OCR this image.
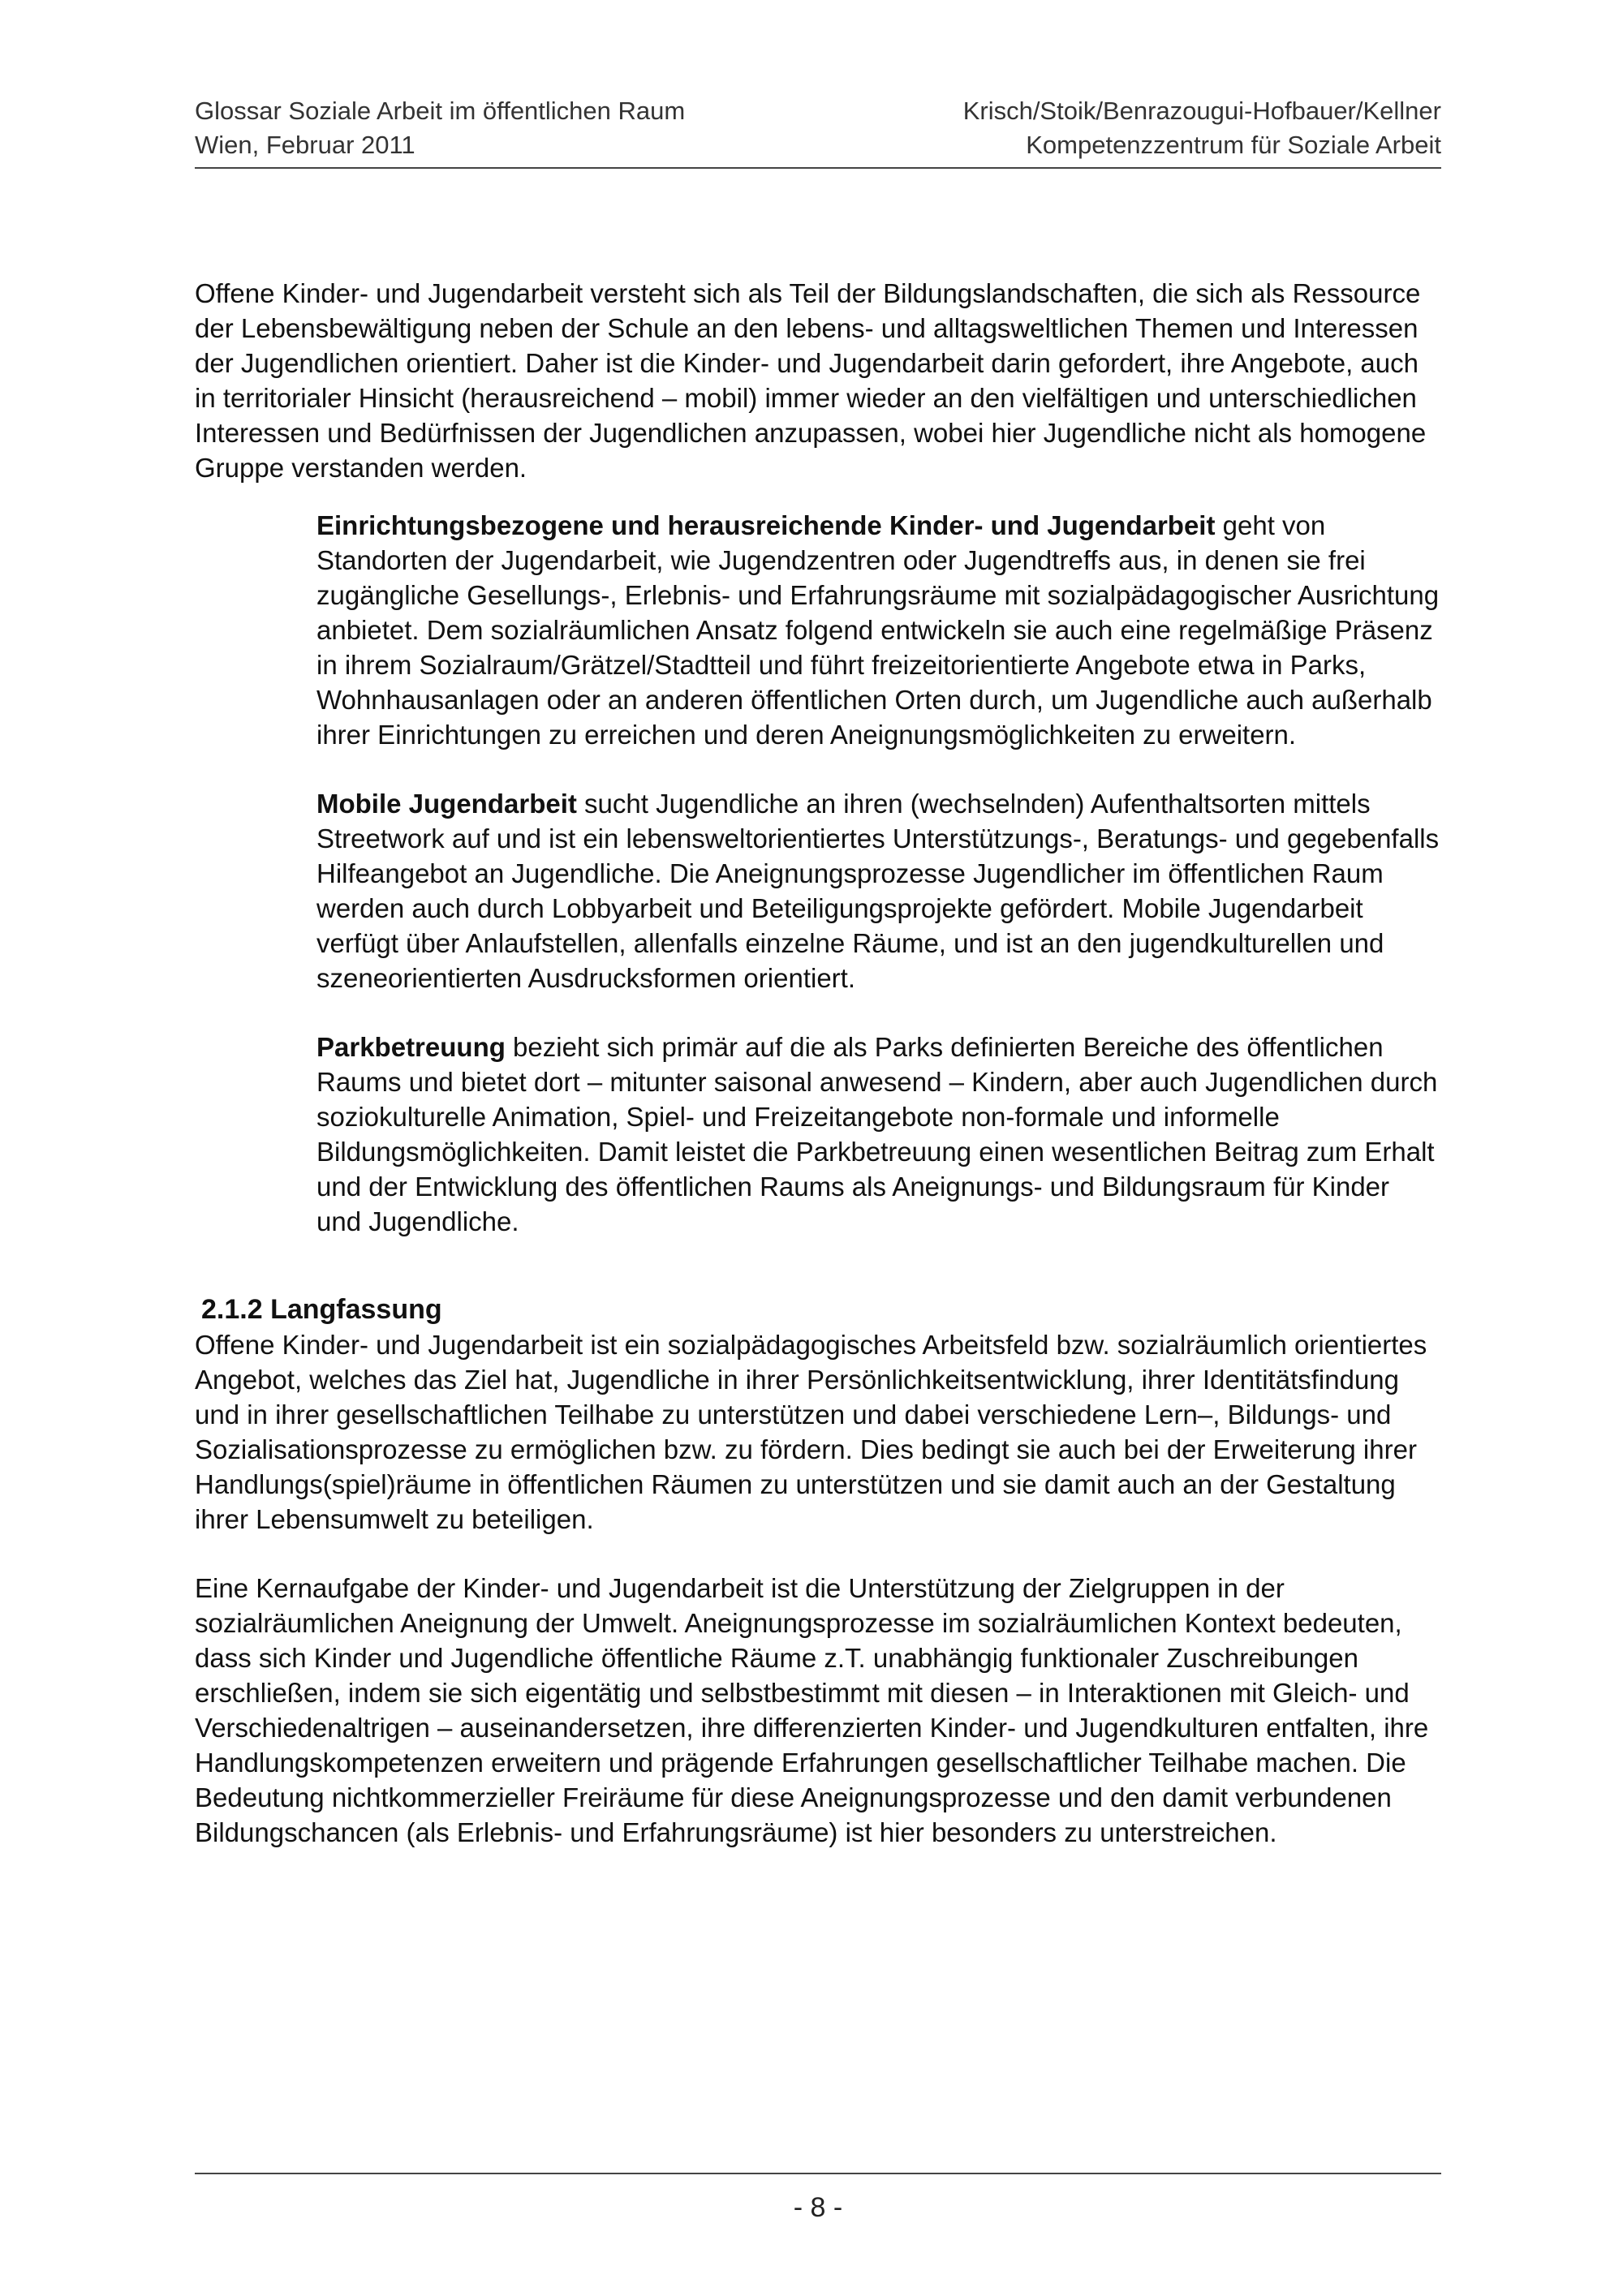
Glossar Soziale Arbeit im öffentlichen Raum
Wien, Februar 2011
Krisch/Stoik/Benrazougui-Hofbauer/Kellner
Kompetenzzentrum für Soziale Arbeit

Offene Kinder- und Jugendarbeit versteht sich als Teil der Bildungslandschaften, die sich als Ressource der Lebensbewältigung neben der Schule an den lebens- und alltagsweltlichen Themen und Interessen der Jugendlichen orientiert. Daher ist die Kinder- und Jugendarbeit darin gefordert, ihre Angebote, auch in territorialer Hinsicht (herausreichend – mobil) immer wieder an den vielfältigen und unterschiedlichen Interessen und Bedürfnissen der Jugendlichen anzupassen, wobei hier Jugendliche nicht als homogene Gruppe verstanden werden.

Einrichtungsbezogene und herausreichende Kinder- und Jugendarbeit geht von Standorten der Jugendarbeit, wie Jugendzentren oder Jugendtreffs aus, in denen sie frei zugängliche Gesellungs-, Erlebnis- und Erfahrungsräume mit sozialpädagogischer Ausrichtung anbietet. Dem sozialräumlichen Ansatz folgend entwickeln sie auch eine regelmäßige Präsenz in ihrem Sozialraum/Grätzel/Stadtteil und führt freizeitorientierte Angebote etwa in Parks, Wohnhausanlagen oder an anderen öffentlichen Orten durch, um Jugendliche auch außerhalb ihrer Einrichtungen zu erreichen und deren Aneignungsmöglichkeiten zu erweitern.

Mobile Jugendarbeit sucht Jugendliche an ihren (wechselnden) Aufenthaltsorten mittels Streetwork auf und ist ein lebensweltorientiertes Unterstützungs-, Beratungs- und gegebenfalls Hilfeangebot an Jugendliche. Die Aneignungsprozesse Jugendlicher im öffentlichen Raum werden auch durch Lobbyarbeit und Beteiligungsprojekte gefördert. Mobile Jugendarbeit verfügt über Anlaufstellen, allenfalls einzelne Räume, und ist an den jugendkulturellen und szeneorientierten Ausdrucksformen orientiert.

Parkbetreuung bezieht sich primär auf die als Parks definierten Bereiche des öffentlichen Raums und bietet dort – mitunter saisonal anwesend – Kindern, aber auch Jugendlichen durch soziokulturelle Animation, Spiel- und Freizeitangebote non-formale und informelle Bildungsmöglichkeiten. Damit leistet die Parkbetreuung einen wesentlichen Beitrag zum Erhalt und der Entwicklung des öffentlichen Raums als Aneignungs- und Bildungsraum für Kinder und Jugendliche.

2.1.2 Langfassung

Offene Kinder- und Jugendarbeit ist ein sozialpädagogisches Arbeitsfeld bzw. sozialräumlich orientiertes Angebot, welches das Ziel hat, Jugendliche in ihrer Persönlichkeitsentwicklung, ihrer Identitätsfindung und in ihrer gesellschaftlichen Teilhabe zu unterstützen und dabei verschiedene Lern–, Bildungs- und Sozialisationsprozesse zu ermöglichen bzw. zu fördern. Dies bedingt sie auch bei der Erweiterung ihrer Handlungs(spiel)räume in öffentlichen Räumen zu unterstützen und sie damit auch an der Gestaltung ihrer Lebensumwelt zu beteiligen.

Eine Kernaufgabe der Kinder- und Jugendarbeit ist die Unterstützung der Zielgruppen in der sozialräumlichen Aneignung der Umwelt. Aneignungsprozesse im sozialräumlichen Kontext bedeuten, dass sich Kinder und Jugendliche öffentliche Räume z.T. unabhängig funktionaler Zuschreibungen erschließen, indem sie sich eigentätig und selbstbestimmt mit diesen – in Interaktionen mit Gleich- und Verschiedenaltrigen – auseinandersetzen, ihre differenzierten Kinder- und Jugendkulturen entfalten, ihre Handlungskompetenzen erweitern und prägende Erfahrungen gesellschaftlicher Teilhabe machen. Die Bedeutung nichtkommerzieller Freiräume für diese Aneignungsprozesse und den damit verbundenen Bildungschancen (als Erlebnis- und Erfahrungsräume) ist hier besonders zu unterstreichen.

- 8 -
